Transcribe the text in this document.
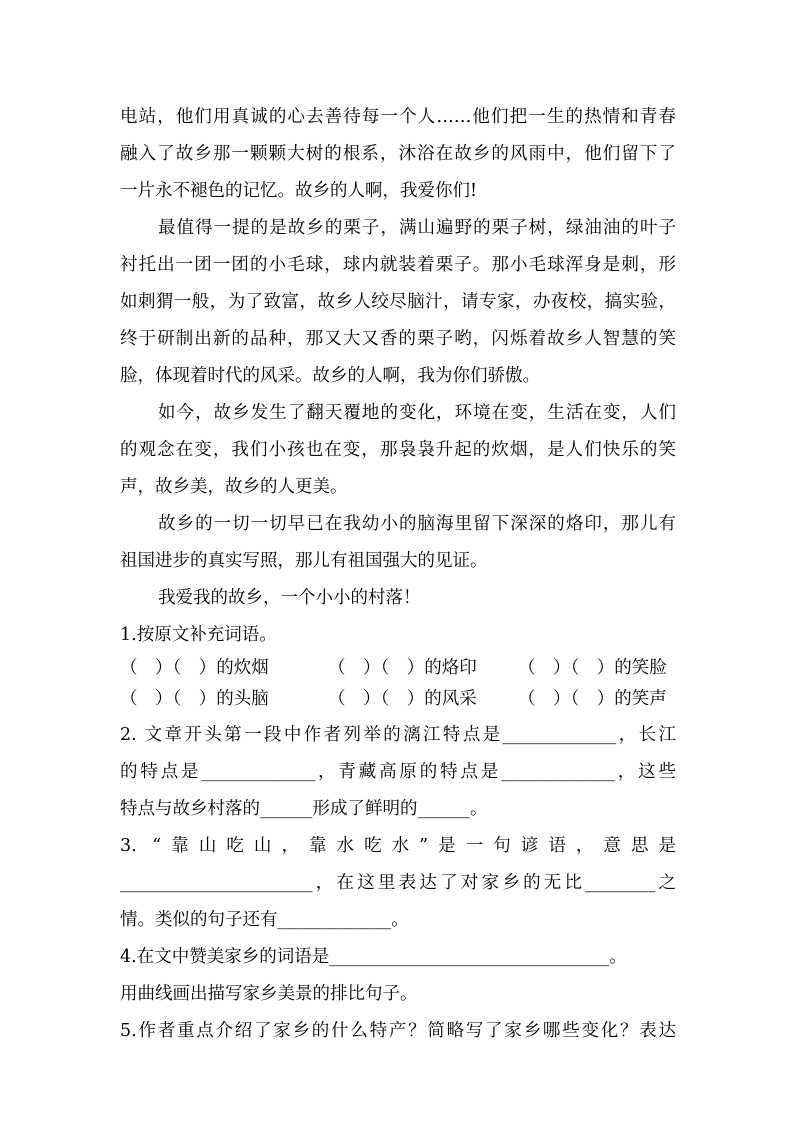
电站，他们用真诚的心去善待每一个人……他们把一生的热情和青春
融入了故乡那一颗颗大树的根系，沐浴在故乡的风雨中，他们留下了
一片永不褪色的记忆。故乡的人啊，我爱你们!
最值得一提的是故乡的栗子，满山遍野的栗子树，绿油油的叶子
衬托出一团一团的小毛球，球内就装着栗子。那小毛球浑身是刺，形
如刺猬一般，为了致富，故乡人绞尽脑汁，请专家，办夜校，搞实验，
终于研制出新的品种，那又大又香的栗子哟，闪烁着故乡人智慧的笑
脸，体现着时代的风采。故乡的人啊，我为你们骄傲。
如今，故乡发生了翻天覆地的变化，环境在变，生活在变，人们
的观念在变，我们小孩也在变，那袅袅升起的炊烟，是人们快乐的笑
声，故乡美，故乡的人更美。
故乡的一切一切早已在我幼小的脑海里留下深深的烙印，那儿有
祖国进步的真实写照，那儿有祖国强大的见证。
我爱我的故乡，一个小小的村落！
1.按原文补充词语。
（　）（　）的炊烟	（　）（　）的烙印 （　）（　）的笑脸
（　）（　）的头脑	（　）（　）的风采 （　）（　）的笑声
2. 文章开头第一段中作者列举的漓江特点是_____________，长江
的特点是_____________，青藏高原的特点是_____________，这些
特点与故乡村落的______形成了鲜明的______。
3. “靠山吃山，靠水吃水”是一句谚语，意思是
______________________，在这里表达了对家乡的无比________之
情。类似的句子还有_____________。
4.在文中赞美家乡的词语是________________________________。
用曲线画出描写家乡美景的排比句子。
5.作者重点介绍了家乡的什么特产？简略写了家乡哪些变化？表达
